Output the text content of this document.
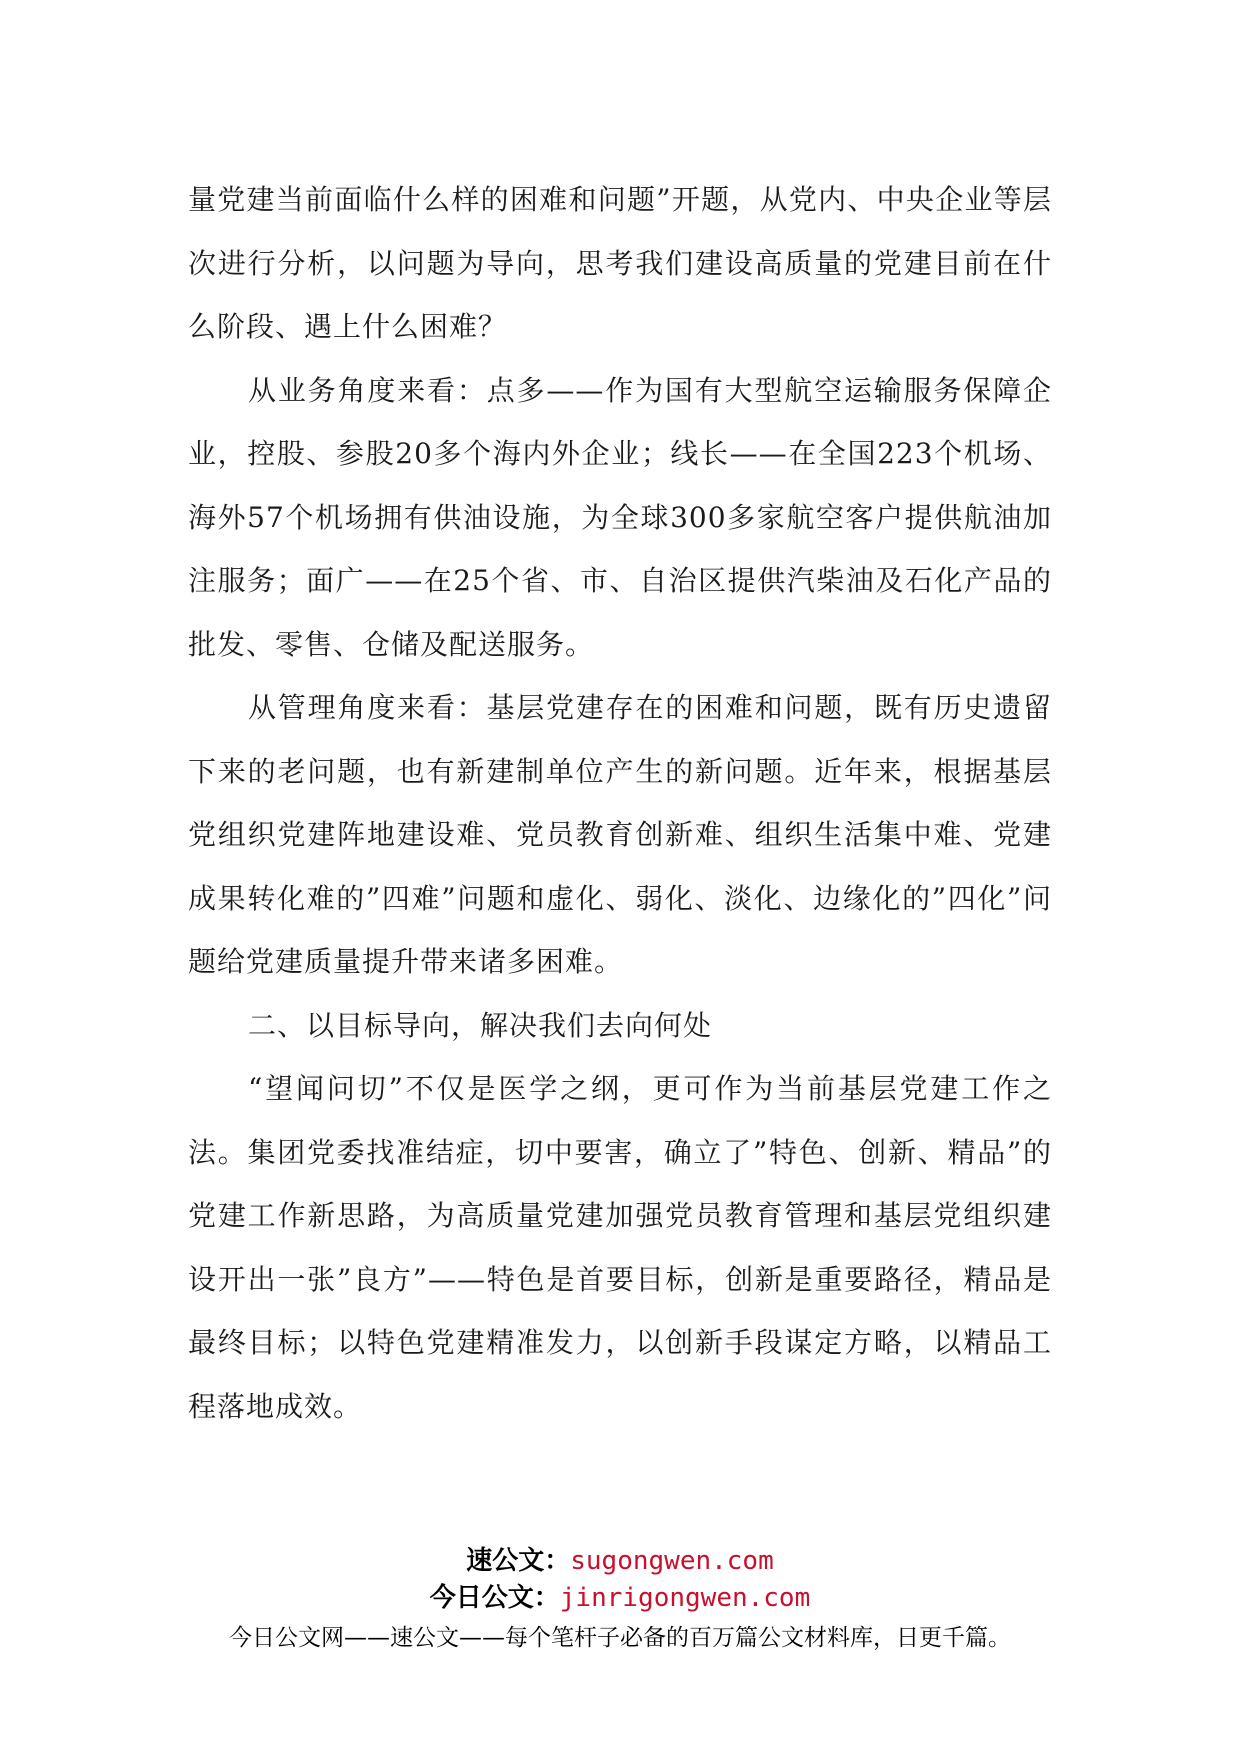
量党建当前面临什么样的困难和问题”开题，从党内、中央企业等层次进行分析，以问题为导向，思考我们建设高质量的党建目前在什么阶段、遇上什么困难？

从业务角度来看：点多——作为国有大型航空运输服务保障企业，控股、参股20多个海内外企业；线长——在全国223个机场、海外57个机场拥有供油设施，为全球300多家航空客户提供航油加注服务；面广——在25个省、市、自治区提供汽柴油及石化产品的批发、零售、仓储及配送服务。

从管理角度来看：基层党建存在的困难和问题，既有历史遗留下来的老问题，也有新建制单位产生的新问题。近年来，根据基层党组织党建阵地建设难、党员教育创新难、组织生活集中难、党建成果转化难的”四难”问题和虚化、弱化、淡化、边缘化的”四化”问题给党建质量提升带来诸多困难。

二、以目标导向，解决我们去向何处

“望闻问切”不仅是医学之纲，更可作为当前基层党建工作之法。集团党委找准结症，切中要害，确立了”特色、创新、精品”的党建工作新思路，为高质量党建加强党员教育管理和基层党组织建设开出一张”良方”——特色是首要目标，创新是重要路径，精品是最终目标；以特色党建精准发力，以创新手段谋定方略，以精品工程落地成效。

速公文：sugongwen.com
今日公文：jinrigongwen.com
今日公文网——速公文——每个笔杆子必备的百万篇公文材料库，日更千篇。
